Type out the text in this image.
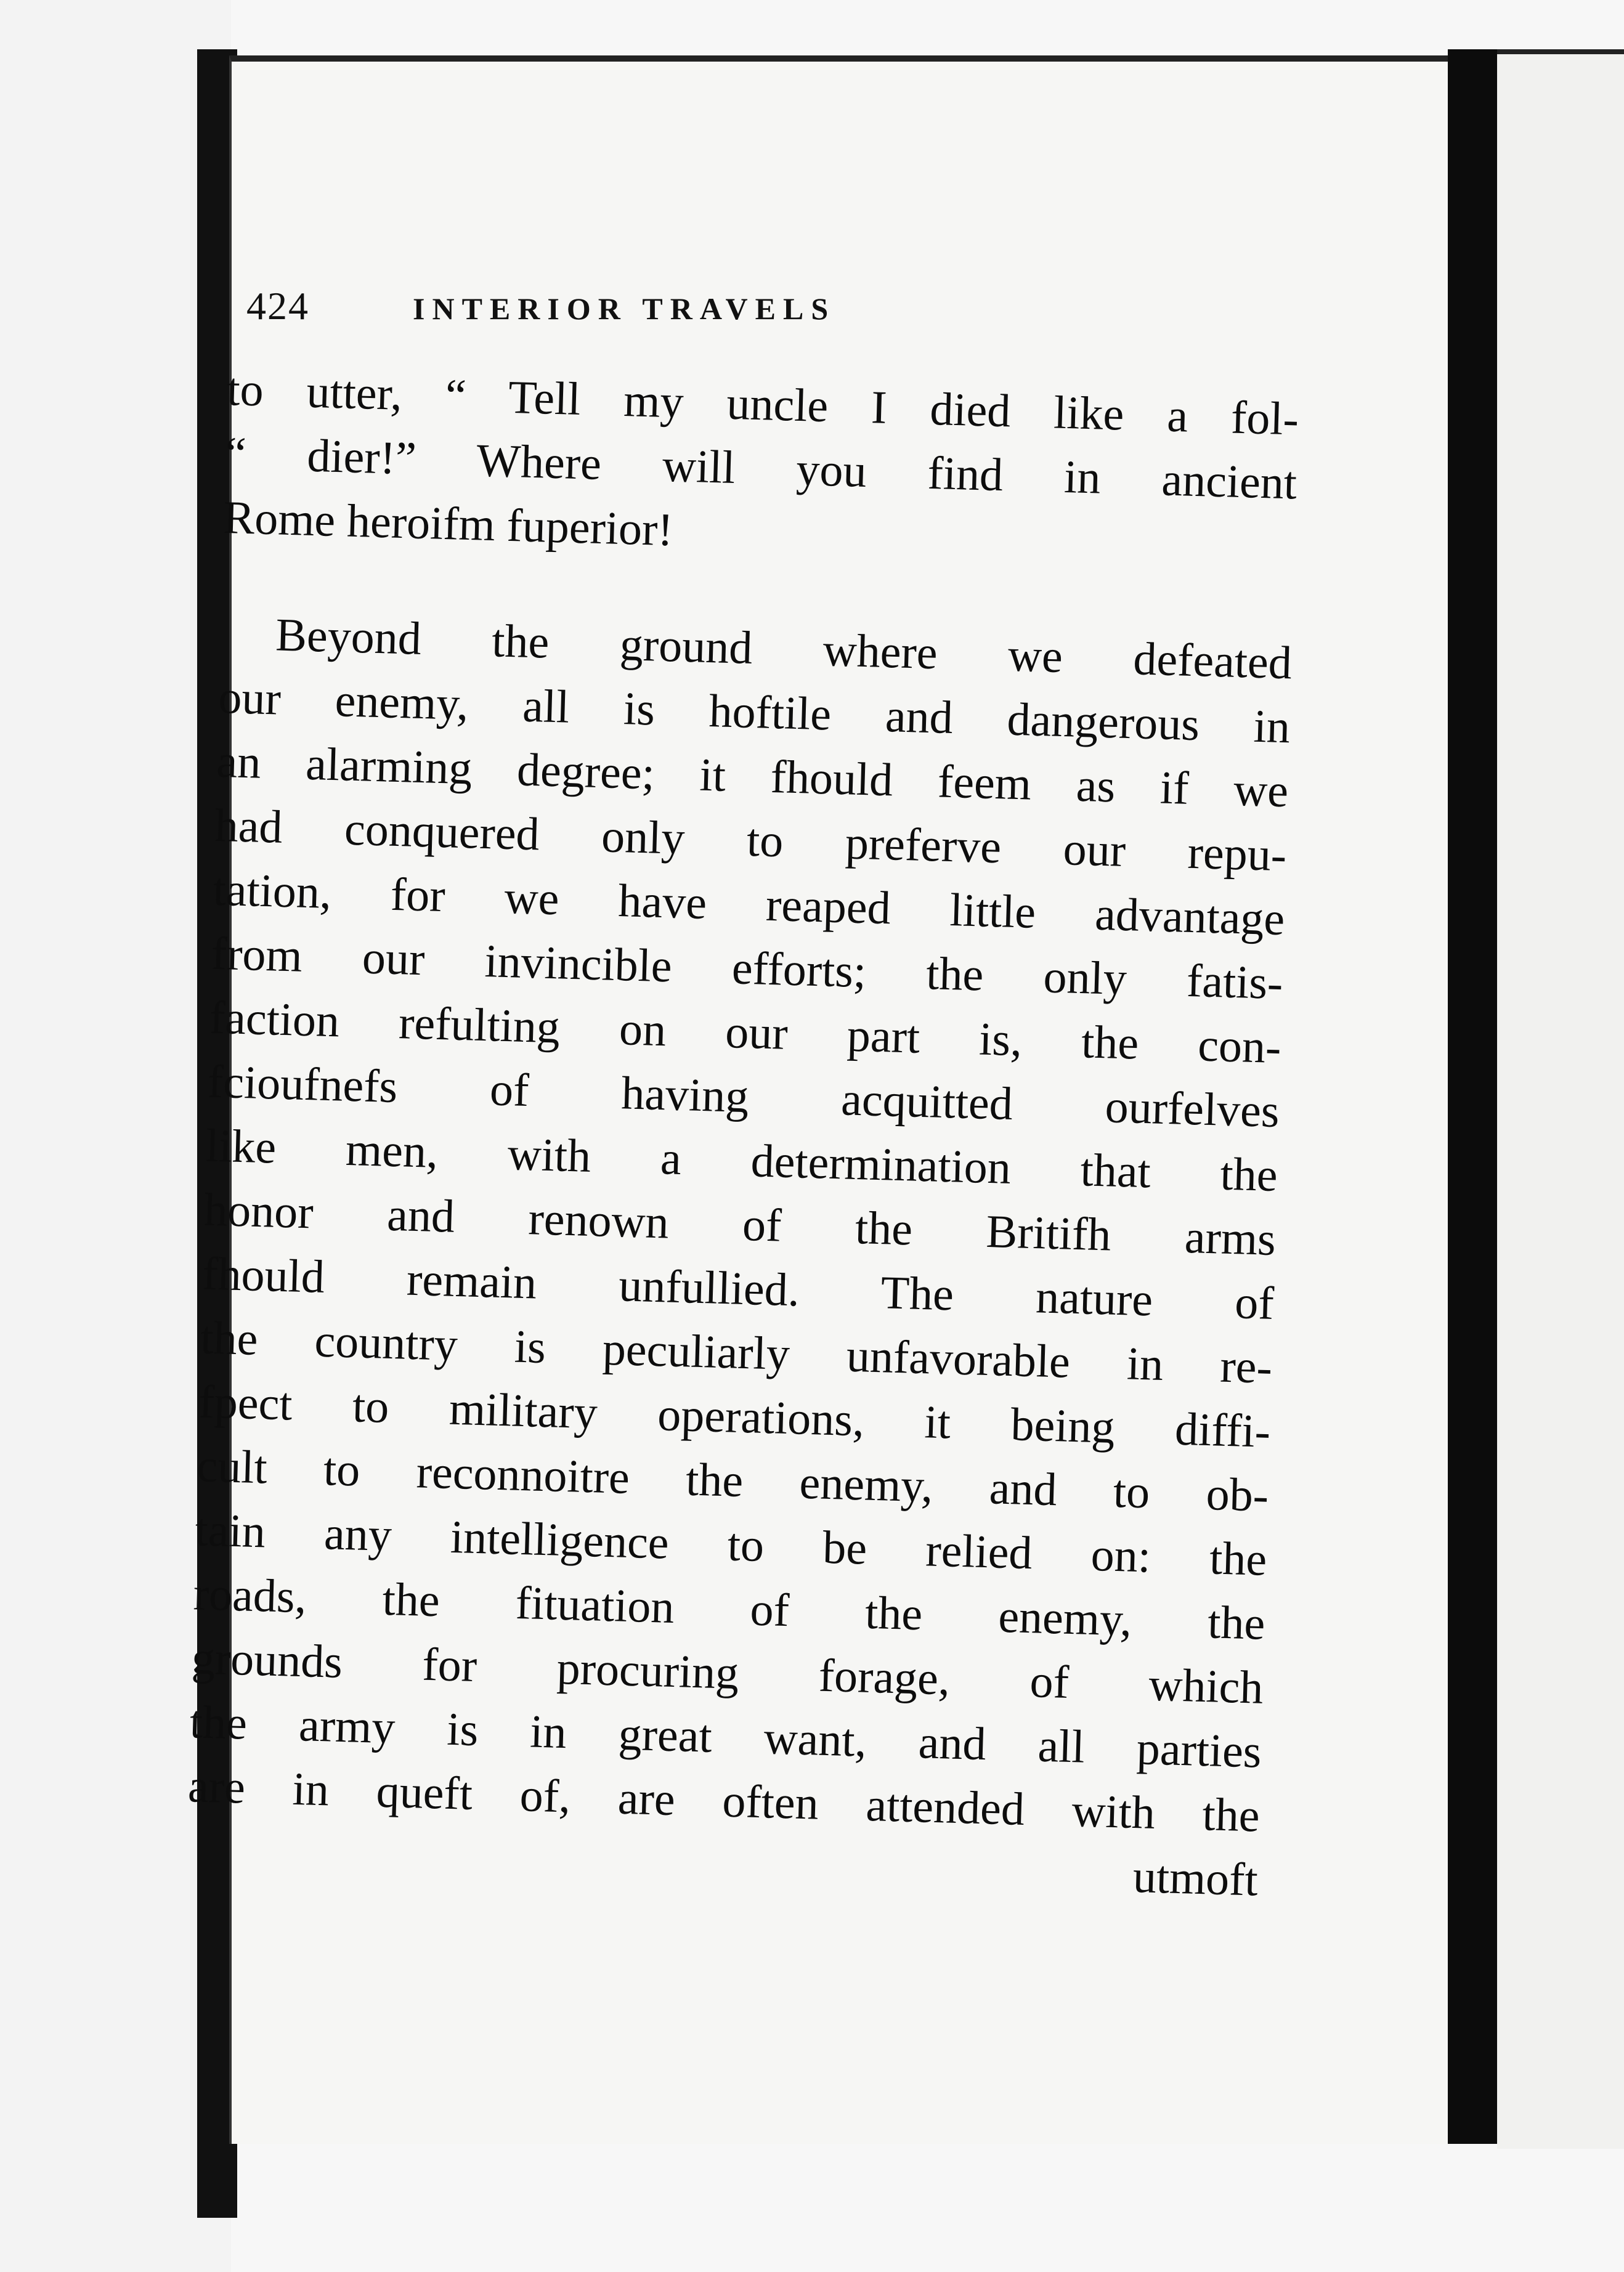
424	INTERIOR TRAVELS
to utter, “ Tell my uncle I died like a fol-
“ dier!” Where will you find in ancient
Rome heroifm fuperior!
Beyond the ground where we defeated
our enemy, all is hoftile and dangerous in
an alarming degree; it fhould feem as if we
had conquered only to preferve our repu-
tation, for we have reaped little advantage
from our invincible efforts; the only fatis-
faction refulting on our part is, the con-
fcioufnefs of having acquitted ourfelves
like men, with a determination that the
honor and renown of the Britifh arms
fhould remain unfullied. The nature of
the country is peculiarly unfavorable in re-
fpect to military operations, it being diffi-
cult to reconnoitre the enemy, and to ob-
tain any intelligence to be relied on: the
roads, the fituation of the enemy, the
grounds for procuring forage, of which
the army is in great want, and all parties
are in queft of, are often attended with the
utmoft
